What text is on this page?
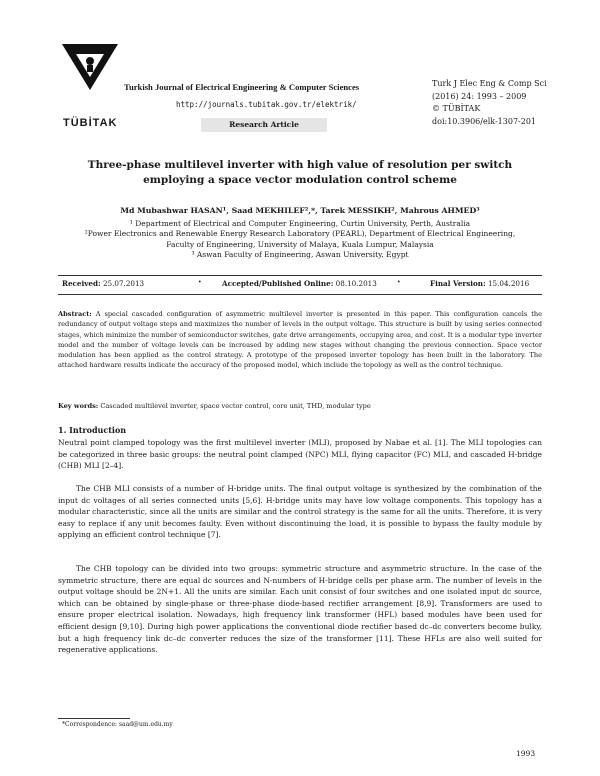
TÜBİTAK
Turkish Journal of Electrical Engineering & Computer Sciences
http://journals.tubitak.gov.tr/elektrik/
Research Article
Turk J Elec Eng & Comp Sci
(2016) 24: 1993 – 2009
© TÜBİTAK
doi:10.3906/elk-1307-201
Three-phase multilevel inverter with high value of resolution per switch
employing a space vector modulation control scheme
Md Mubashwar HASAN¹, Saad MEKHILEF²,*, Tarek MESSIKH², Mahrous AHMED³
¹ Department of Electrical and Computer Engineering, Curtin University, Perth, Australia
²Power Electronics and Renewable Energy Research Laboratory (PEARL), Department of Electrical Engineering,
Faculty of Engineering, University of Malaya, Kuala Lumpur, Malaysia
³ Aswan Faculty of Engineering, Aswan University, Egypt
Received: 25.07.2013	•	Accepted/Published Online: 08.10.2013	•	Final Version: 15.04.2016
Abstract: A special cascaded configuration of asymmetric multilevel inverter is presented in this paper. This configuration cancels the redundancy of output voltage steps and maximizes the number of levels in the output voltage. This structure is built by using series connected stages, which minimize the number of semiconductor switches, gate drive arrangements, occupying area, and cost. It is a modular type inverter model and the number of voltage levels can be increased by adding new stages without changing the previous connection. Space vector modulation has been applied as the control strategy. A prototype of the proposed inverter topology has been built in the laboratory. The attached hardware results indicate the accuracy of the proposed model, which include the topology as well as the control technique.
Key words: Cascaded multilevel inverter, space vector control, core unit, THD, modular type
1. Introduction
Neutral point clamped topology was the first multilevel inverter (MLI), proposed by Nabae et al. [1]. The MLI topologies can be categorized in three basic groups: the neutral point clamped (NPC) MLI, flying capacitor (FC) MLI, and cascaded H-bridge (CHB) MLI [2–4].
The CHB MLI consists of a number of H-bridge units. The final output voltage is synthesized by the combination of the input dc voltages of all series connected units [5,6]. H-bridge units may have low voltage components. This topology has a modular characteristic, since all the units are similar and the control strategy is the same for all the units. Therefore, it is very easy to replace if any unit becomes faulty. Even without discontinuing the load, it is possible to bypass the faulty module by applying an efficient control technique [7].
The CHB topology can be divided into two groups: symmetric structure and asymmetric structure. In the case of the symmetric structure, there are equal dc sources and N-numbers of H-bridge cells per phase arm. The number of levels in the output voltage should be 2N+1. All the units are similar. Each unit consist of four switches and one isolated input dc source, which can be obtained by single-phase or three-phase diode-based rectifier arrangement [8,9]. Transformers are used to ensure proper electrical isolation. Nowadays, high frequency link transformer (HFL) based modules have been used for efficient design [9,10]. During high power applications the conventional diode rectifier based dc–dc converters become bulky, but a high frequency link dc–dc converter reduces the size of the transformer [11]. These HFLs are also well suited for regenerative applications.
*Correspondence: saad@um.edu.my
1993
